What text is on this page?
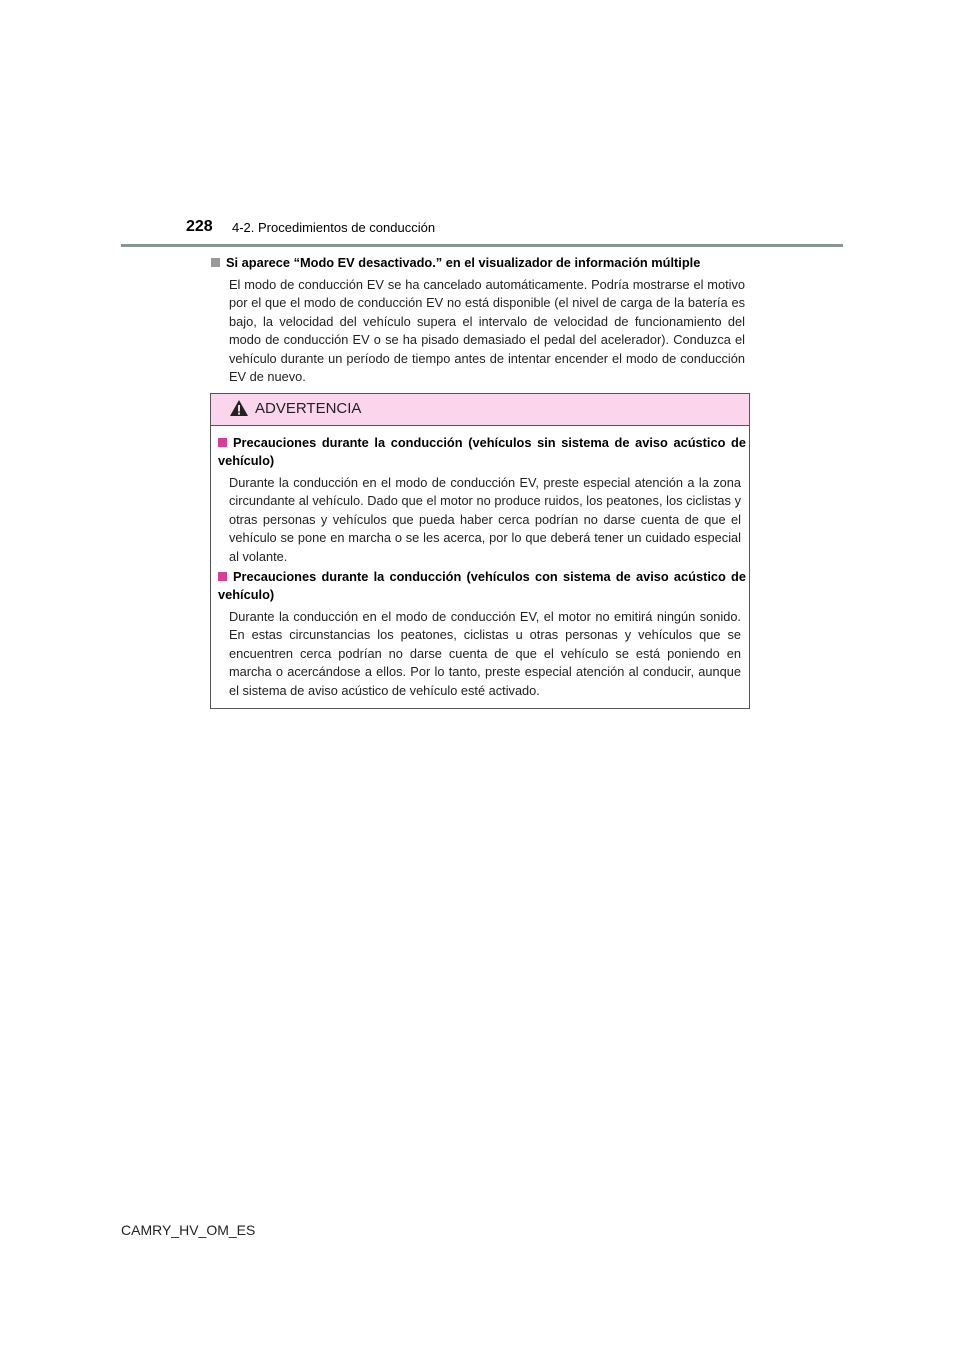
228 4-2. Procedimientos de conducción
Si aparece “Modo EV desactivado.” en el visualizador de información múltiple
El modo de conducción EV se ha cancelado automáticamente. Podría mostrarse el motivo por el que el modo de conducción EV no está disponible (el nivel de carga de la batería es bajo, la velocidad del vehículo supera el intervalo de velocidad de funcionamiento del modo de conducción EV o se ha pisado demasiado el pedal del acelerador). Conduzca el vehículo durante un período de tiempo antes de intentar encender el modo de conducción EV de nuevo.
ADVERTENCIA
Precauciones durante la conducción (vehículos sin sistema de aviso acústico de vehículo)
Durante la conducción en el modo de conducción EV, preste especial atención a la zona circundante al vehículo. Dado que el motor no produce ruidos, los peatones, los ciclistas y otras personas y vehículos que pueda haber cerca podrían no darse cuenta de que el vehículo se pone en marcha o se les acerca, por lo que deberá tener un cuidado especial al volante.
Precauciones durante la conducción (vehículos con sistema de aviso acústico de vehículo)
Durante la conducción en el modo de conducción EV, el motor no emitirá ningún sonido. En estas circunstancias los peatones, ciclistas u otras personas y vehículos que se encuentren cerca podrían no darse cuenta de que el vehículo se está poniendo en marcha o acercándose a ellos. Por lo tanto, preste especial atención al conducir, aunque el sistema de aviso acústico de vehículo esté activado.
CAMRY_HV_OM_ES
